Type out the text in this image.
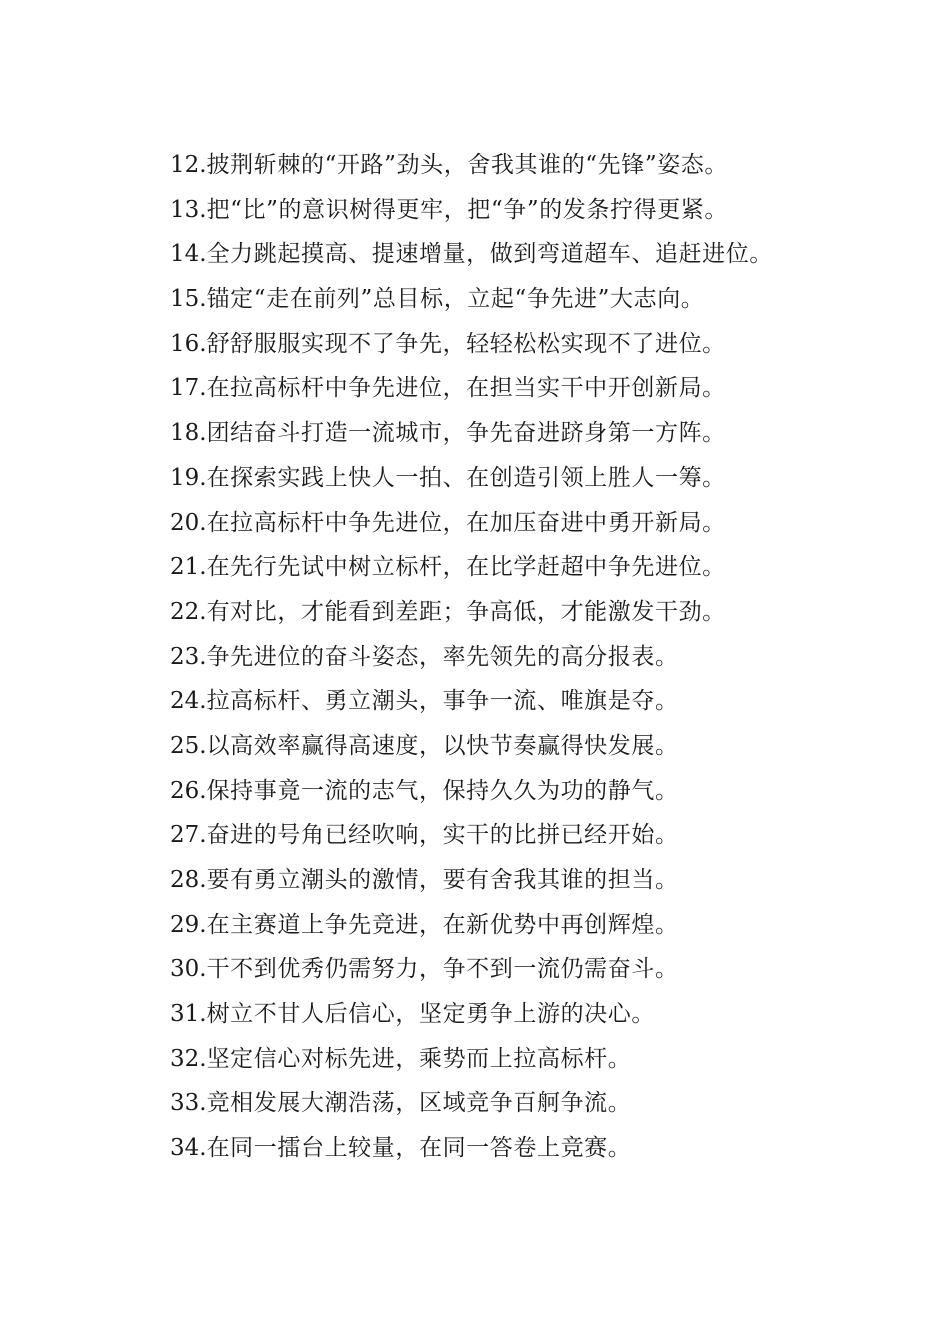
12.披荆斩棘的“开路”劲头，舍我其谁的“先锋”姿态。
13.把“比”的意识树得更牢，把“争”的发条拧得更紧。
14.全力跳起摸高、提速增量，做到弯道超车、追赶进位。
15.锚定“走在前列”总目标，立起“争先进”大志向。
16.舒舒服服实现不了争先，轻轻松松实现不了进位。
17.在拉高标杆中争先进位，在担当实干中开创新局。
18.团结奋斗打造一流城市，争先奋进跻身第一方阵。
19.在探索实践上快人一拍、在创造引领上胜人一筹。
20.在拉高标杆中争先进位，在加压奋进中勇开新局。
21.在先行先试中树立标杆，在比学赶超中争先进位。
22.有对比，才能看到差距；争高低，才能激发干劲。
23.争先进位的奋斗姿态，率先领先的高分报表。
24.拉高标杆、勇立潮头，事争一流、唯旗是夺。
25.以高效率赢得高速度，以快节奏赢得快发展。
26.保持事竟一流的志气，保持久久为功的静气。
27.奋进的号角已经吹响，实干的比拼已经开始。
28.要有勇立潮头的激情，要有舍我其谁的担当。
29.在主赛道上争先竞进，在新优势中再创辉煌。
30.干不到优秀仍需努力，争不到一流仍需奋斗。
31.树立不甘人后信心，坚定勇争上游的决心。
32.坚定信心对标先进，乘势而上拉高标杆。
33.竞相发展大潮浩荡，区域竞争百舸争流。
34.在同一擂台上较量，在同一答卷上竞赛。
